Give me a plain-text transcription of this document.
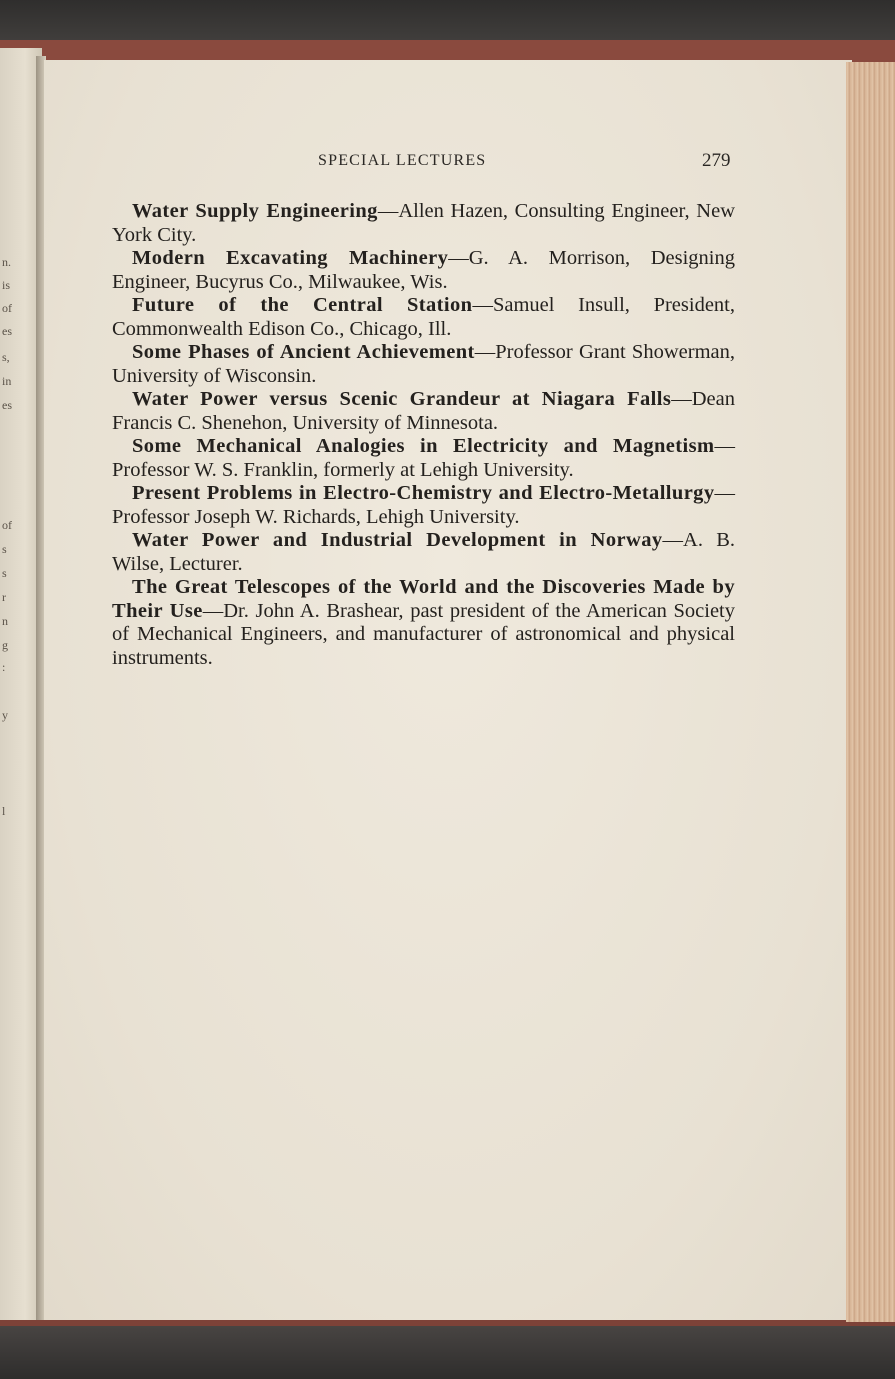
n.
is
of
es
s,
in
es
of
s
s
r
n
g
:
y
l
SPECIAL LECTURES	279

Water Supply Engineering—Allen Hazen, Consulting Engineer, New York City.

Modern Excavating Machinery—G. A. Morrison, Designing Engineer, Bucyrus Co., Milwaukee, Wis.

Future of the Central Station—Samuel Insull, President, Commonwealth Edison Co., Chicago, Ill.

Some Phases of Ancient Achievement—Professor Grant Showerman, University of Wisconsin.

Water Power versus Scenic Grandeur at Niagara Falls—Dean Francis C. Shenehon, University of Minnesota.

Some Mechanical Analogies in Electricity and Magnetism—Professor W. S. Franklin, formerly at Lehigh University.

Present Problems in Electro-Chemistry and Electro-Metallurgy—Professor Joseph W. Richards, Lehigh University.

Water Power and Industrial Development in Norway—A. B. Wilse, Lecturer.

The Great Telescopes of the World and the Discoveries Made by Their Use—Dr. John A. Brashear, past president of the American Society of Mechanical Engineers, and manufacturer of astronomical and physical instruments.
